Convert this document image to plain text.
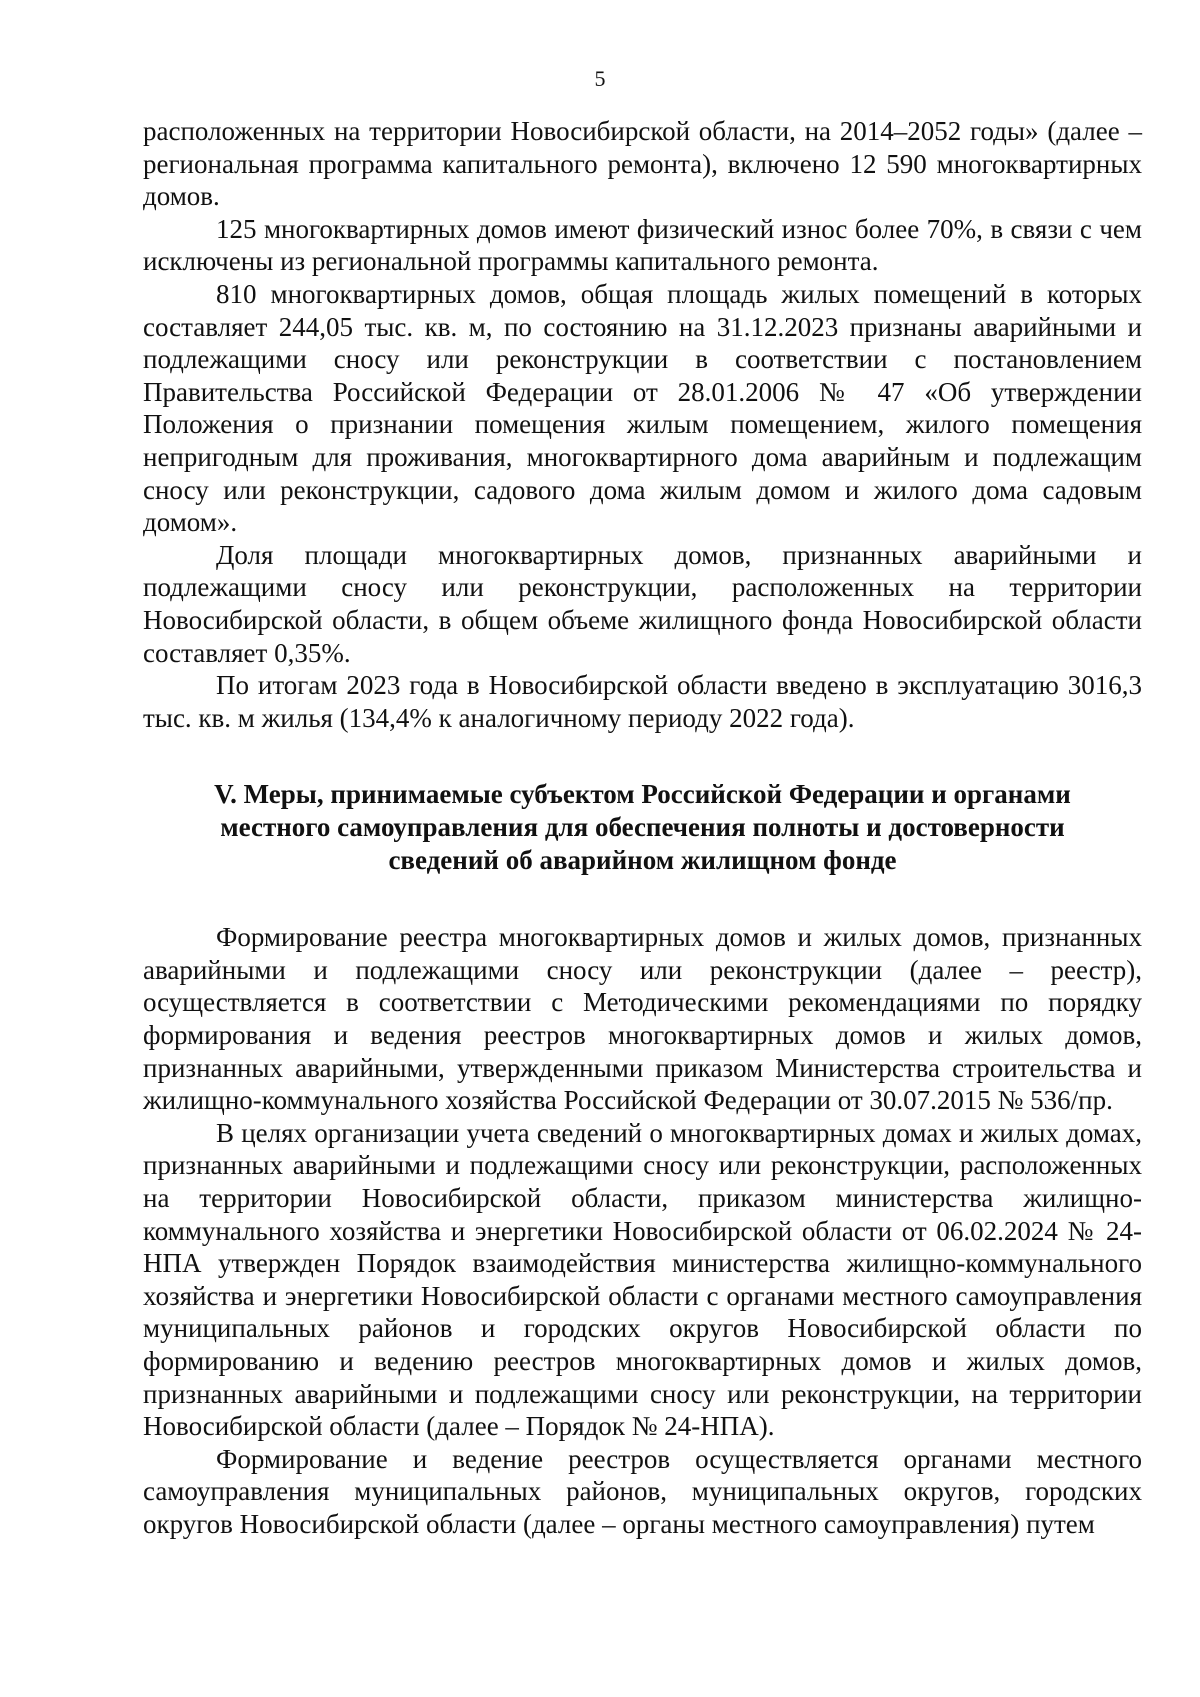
5

расположенных на территории Новосибирской области, на 2014–2052 годы» (далее – региональная программа капитального ремонта), включено 12 590 многоквартирных домов.

125 многоквартирных домов имеют физический износ более 70%, в связи с чем исключены из региональной программы капитального ремонта.

810 многоквартирных домов, общая площадь жилых помещений в которых составляет 244,05 тыс. кв. м, по состоянию на 31.12.2023 признаны аварийными и подлежащими сносу или реконструкции в соответствии с постановлением Правительства Российской Федерации от 28.01.2006 № 47 «Об утверждении Положения о признании помещения жилым помещением, жилого помещения непригодным для проживания, многоквартирного дома аварийным и подлежащим сносу или реконструкции, садового дома жилым домом и жилого дома садовым домом».

Доля площади многоквартирных домов, признанных аварийными и подлежащими сносу или реконструкции, расположенных на территории Новосибирской области, в общем объеме жилищного фонда Новосибирской области составляет 0,35%.

По итогам 2023 года в Новосибирской области введено в эксплуатацию 3016,3 тыс. кв. м жилья (134,4% к аналогичному периоду 2022 года).

V. Меры, принимаемые субъектом Российской Федерации и органами
местного самоуправления для обеспечения полноты и достоверности
сведений об аварийном жилищном фонде

Формирование реестра многоквартирных домов и жилых домов, признанных аварийными и подлежащими сносу или реконструкции (далее – реестр), осуществляется в соответствии с Методическими рекомендациями по порядку формирования и ведения реестров многоквартирных домов и жилых домов, признанных аварийными, утвержденными приказом Министерства строительства и жилищно-коммунального хозяйства Российской Федерации от 30.07.2015 № 536/пр.

В целях организации учета сведений о многоквартирных домах и жилых домах, признанных аварийными и подлежащими сносу или реконструкции, расположенных на территории Новосибирской области, приказом министерства жилищно-коммунального хозяйства и энергетики Новосибирской области от 06.02.2024 № 24-НПА утвержден Порядок взаимодействия министерства жилищно-коммунального хозяйства и энергетики Новосибирской области с органами местного самоуправления муниципальных районов и городских округов Новосибирской области по формированию и ведению реестров многоквартирных домов и жилых домов, признанных аварийными и подлежащими сносу или реконструкции, на территории Новосибирской области (далее – Порядок № 24-НПА).

Формирование и ведение реестров осуществляется органами местного самоуправления муниципальных районов, муниципальных округов, городских округов Новосибирской области (далее – органы местного самоуправления) путем
